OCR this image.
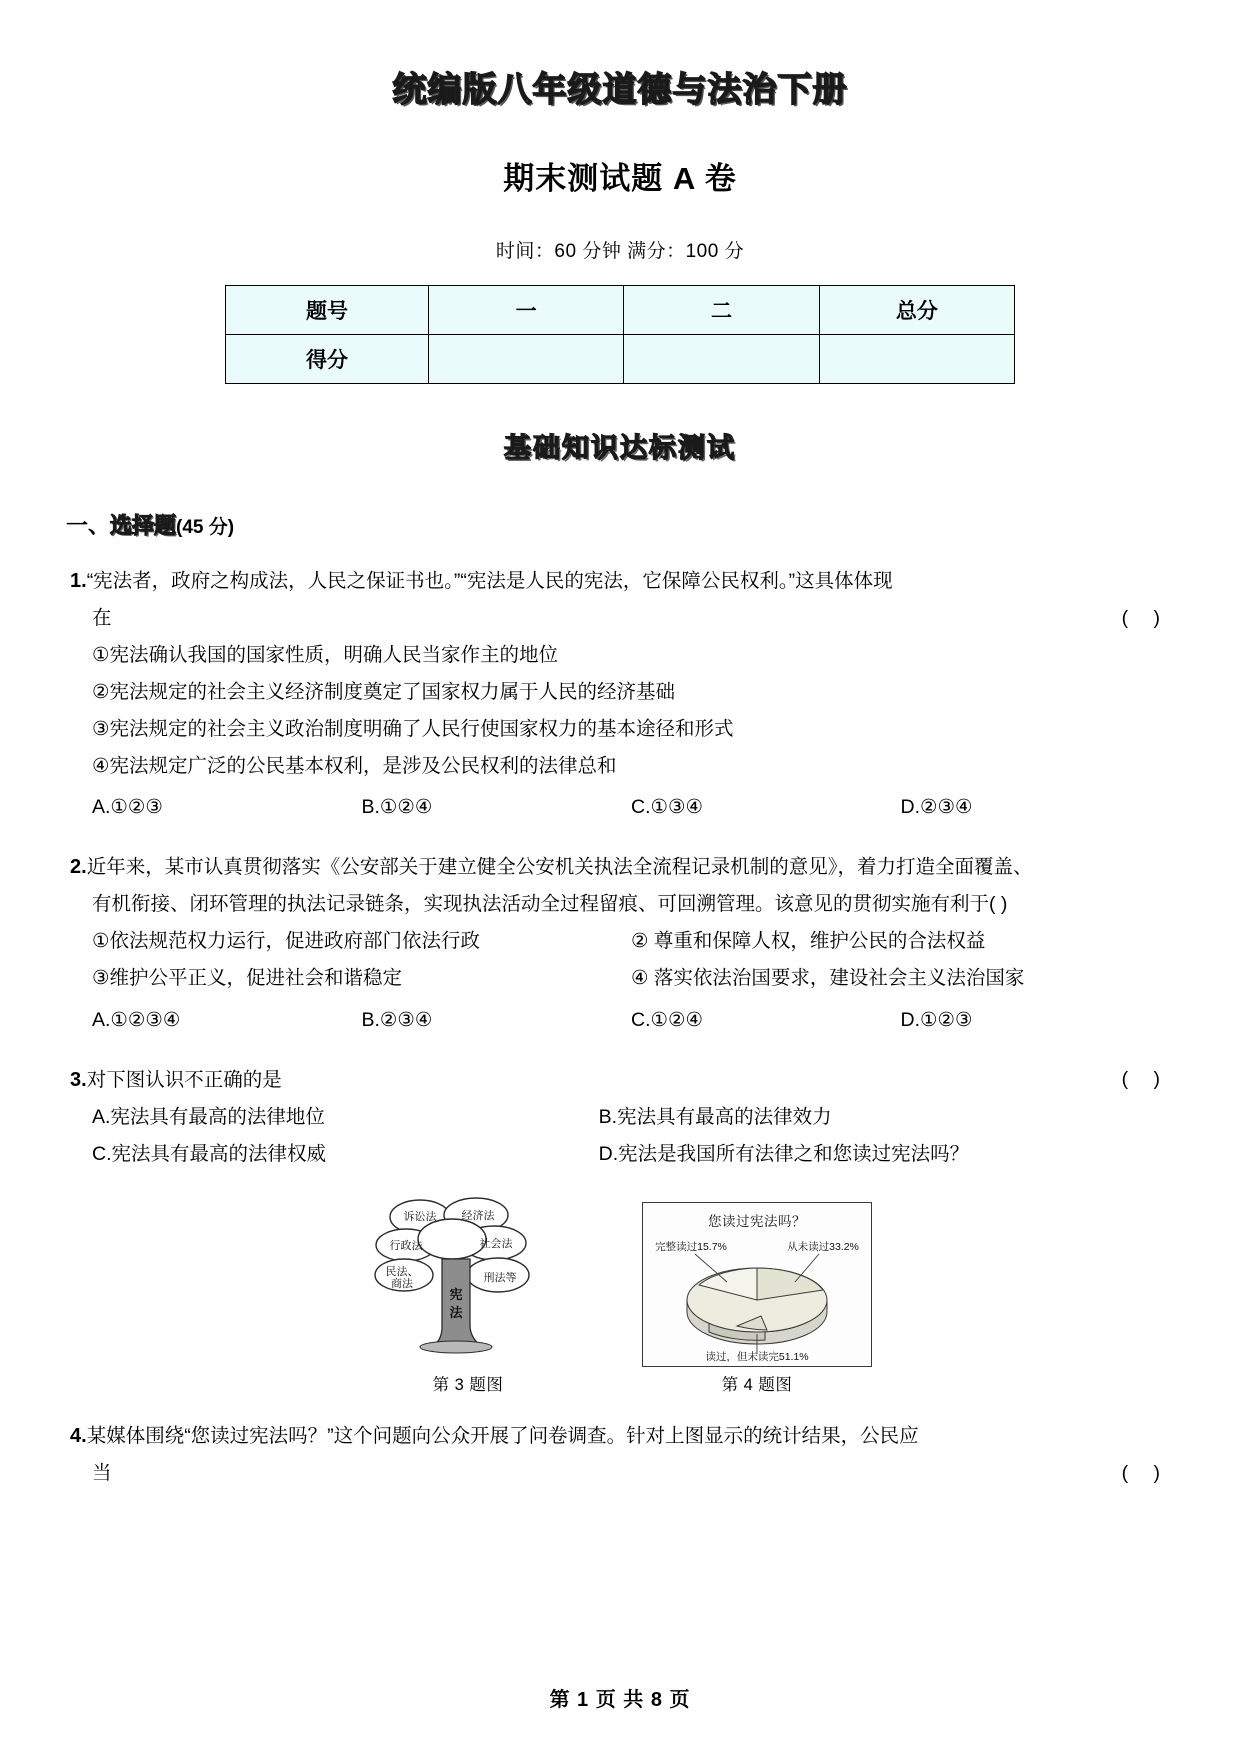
统编版八年级道德与法治下册
期末测试题 A 卷

时间：60 分钟 满分：100 分

题号	一	二	总分
得分			
基础知识达标测试
一、选择题(45 分)
1.“宪法者，政府之构成法，人民之保证书也。”“宪法是人民的宪法，它保障公民权利。”这具体体现
在	( )
①宪法确认我国的国家性质，明确人民当家作主的地位
②宪法规定的社会主义经济制度奠定了国家权力属于人民的经济基础
③宪法规定的社会主义政治制度明确了人民行使国家权力的基本途径和形式
④宪法规定广泛的公民基本权利，是涉及公民权利的法律总和
A.①②③	B.①②④	C.①③④	D.②③④
2.近年来，某市认真贯彻落实《公安部关于建立健全公安机关执法全流程记录机制的意见》，着力打造全面覆盖、
有机衔接、闭环管理的执法记录链条，实现执法活动全过程留痕、可回溯管理。该意见的贯彻实施有利于( )
①依法规范权力运行，促进政府部门依法行政	② 尊重和保障人权，维护公民的合法权益
③维护公平正义，促进社会和谐稳定	④ 落实依法治国要求，建设社会主义法治国家
A.①②③④	B.②③④	C.①②④	D.①②③
3.对下图认识不正确的是	( )
A.宪法具有最高的法律地位	B.宪法具有最高的法律效力
C.宪法具有最高的法律权威	D.宪法是我国所有法律之和您读过宪法吗？
诉讼法 经济法
行政法	社会法
民法、
商法	刑法等
宪
法
第 3 题图
您读过宪法吗？
完整读过15.7%	从未读过33.2%
读过，但未读完51.1%
第 4 题图
4.某媒体围绕“您读过宪法吗？”这个问题向公众开展了问卷调查。针对上图显示的统计结果，公民应
当	( )
第 1 页 共 8 页
